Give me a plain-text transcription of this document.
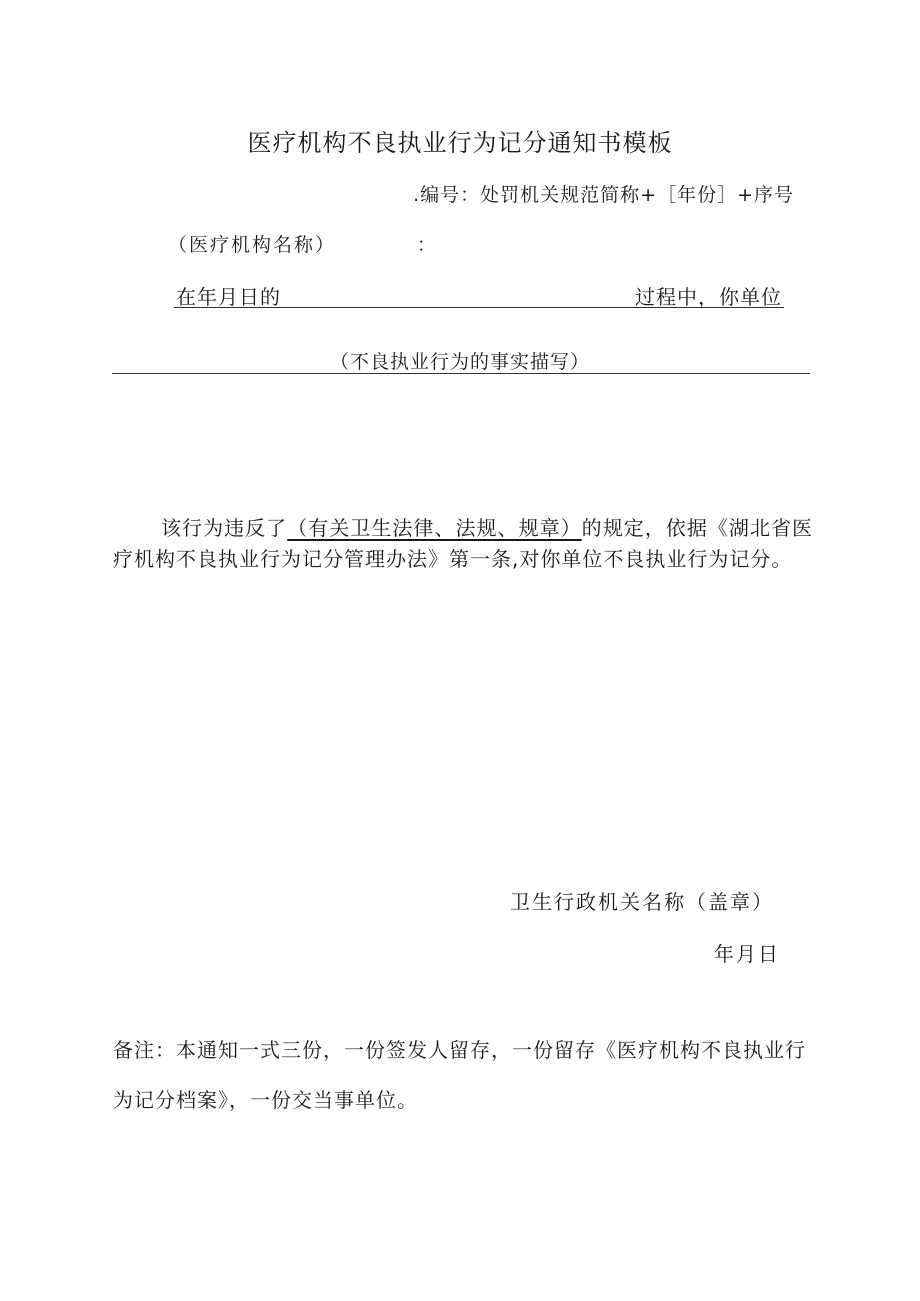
医疗机构不良执业行为记分通知书模板
.编号：处罚机关规范简称+［年份］+序号
（医疗机构名称）	：
在年月日的	过程中，你单位
（不良执业行为的事实描写）
该行为违反了（有关卫生法律、法规、规章）的规定，依据《湖北省医疗机构不良执业行为记分管理办法》第一条,对你单位不良执业行为记分。
卫生行政机关名称（盖章）
年月日
备注：本通知一式三份，一份签发人留存，一份留存《医疗机构不良执业行为记分档案》，一份交当事单位。
